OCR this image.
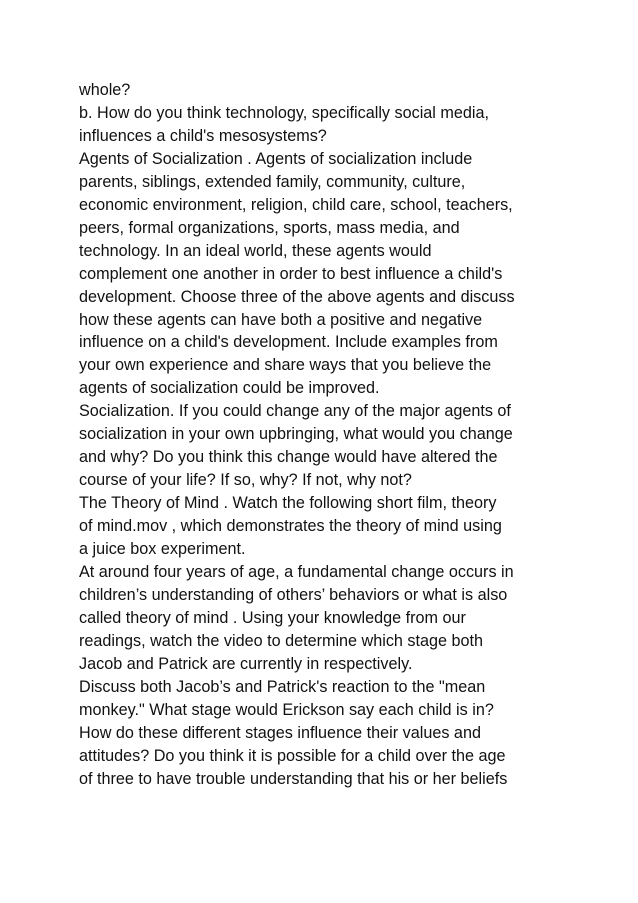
whole?
b. How do you think technology, specifically social media,
influences a child's mesosystems?
Agents of Socialization . Agents of socialization include
parents, siblings, extended family, community, culture,
economic environment, religion, child care, school, teachers,
peers, formal organizations, sports, mass media, and
technology. In an ideal world, these agents would
complement one another in order to best influence a child's
development. Choose three of the above agents and discuss
how these agents can have both a positive and negative
influence on a child's development. Include examples from
your own experience and share ways that you believe the
agents of socialization could be improved.
Socialization. If you could change any of the major agents of
socialization in your own upbringing, what would you change
and why? Do you think this change would have altered the
course of your life? If so, why? If not, why not?
The Theory of Mind . Watch the following short film, theory
of mind.mov , which demonstrates the theory of mind using
a juice box experiment.
At around four years of age, a fundamental change occurs in
children’s understanding of others’ behaviors or what is also
called theory of mind . Using your knowledge from our
readings, watch the video to determine which stage both
Jacob and Patrick are currently in respectively.
Discuss both Jacob’s and Patrick's reaction to the "mean
monkey." What stage would Erickson say each child is in?
How do these different stages influence their values and
attitudes? Do you think it is possible for a child over the age
of three to have trouble understanding that his or her beliefs
